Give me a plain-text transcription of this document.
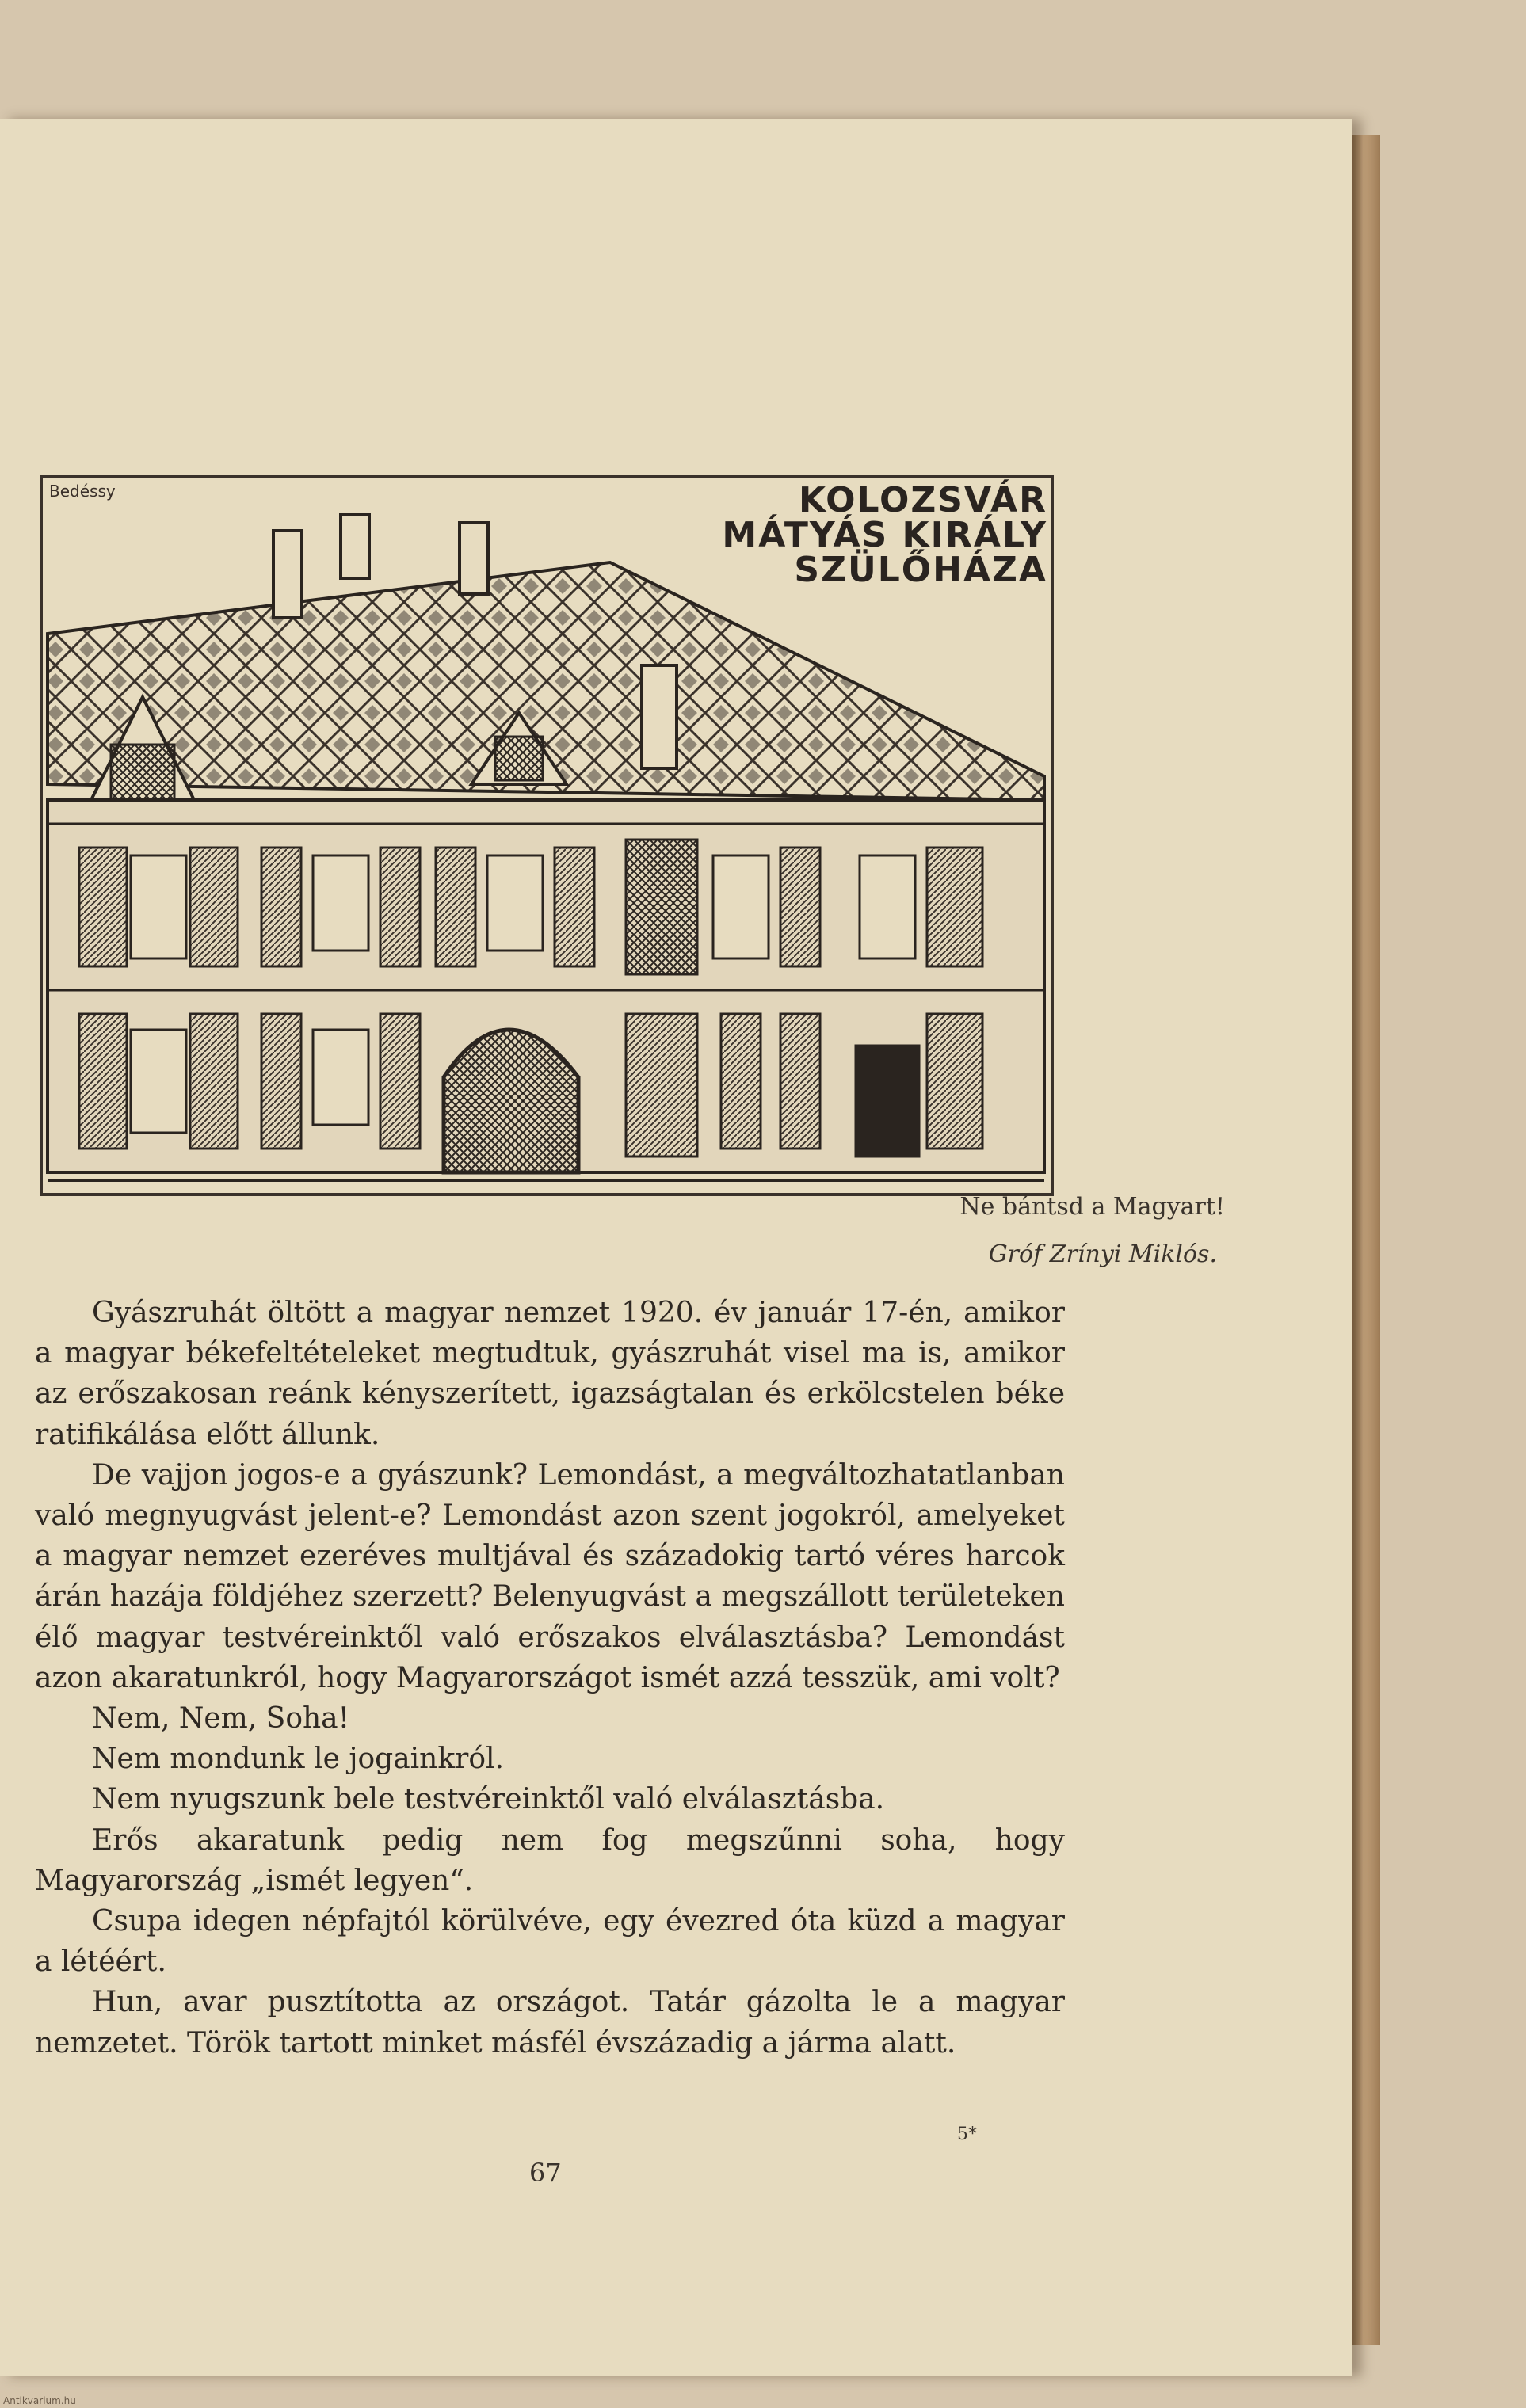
Bedéssy	KOLOZSVÁR
MÁTYÁS KIRÁLY
SZÜLŐHÁZA
Ne bántsd a Magyart!
Gróf Zrínyi Miklós.

Gyászruhát öltött a magyar nemzet 1920. év január 17-én, amikor a magyar békefeltételeket megtudtuk, gyászruhát visel ma is, amikor az erőszakosan reánk kényszerített, igazságtalan és erkölcstelen béke ratifikálása előtt állunk.

De vajjon jogos-e a gyászunk? Lemondást, a megváltozhatatlanban való megnyugvást jelent-e? Lemondást azon szent jogokról, amelyeket a magyar nemzet ezeréves multjával és századokig tartó véres harcok árán hazája földjéhez szerzett? Belenyugvást a megszállott területeken élő magyar testvéreinktől való erőszakos elválasztásba? Lemondást azon akaratunkról, hogy Magyarországot ismét azzá tesszük, ami volt?

Nem, Nem, Soha!

Nem mondunk le jogainkról.

Nem nyugszunk bele testvéreinktől való elválasztásba.

Erős akaratunk pedig nem fog megszűnni soha, hogy Magyarország „ismét legyen“.

Csupa idegen népfajtól körülvéve, egy évezred óta küzd a magyar a létéért.

Hun, avar pusztította az országot. Tatár gázolta le a magyar nemzetet. Török tartott minket másfél évszázadig a járma alatt.

5*
67
Antikvarium.hu
